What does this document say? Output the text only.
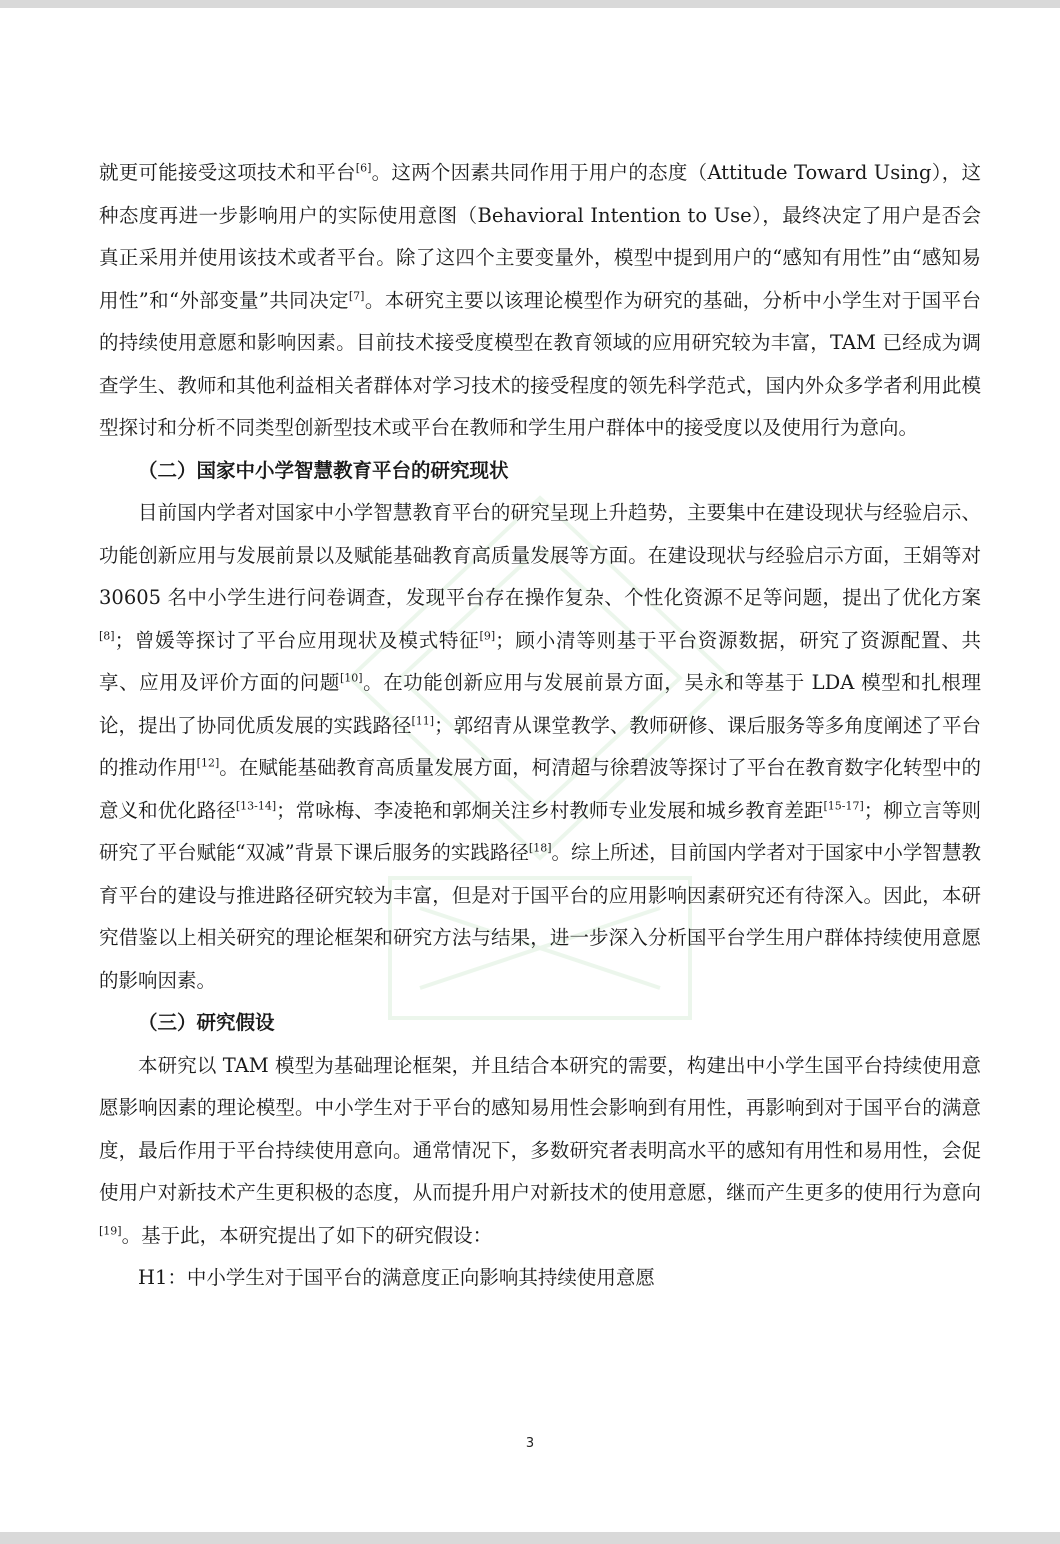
就更可能接受这项技术和平台[6]。这两个因素共同作用于用户的态度（Attitude Toward Using），这种态度再进一步影响用户的实际使用意图（Behavioral Intention to Use），最终决定了用户是否会真正采用并使用该技术或者平台。除了这四个主要变量外，模型中提到用户的“感知有用性”由“感知易用性”和“外部变量”共同决定[7]。本研究主要以该理论模型作为研究的基础，分析中小学生对于国平台的持续使用意愿和影响因素。目前技术接受度模型在教育领域的应用研究较为丰富，TAM 已经成为调查学生、教师和其他利益相关者群体对学习技术的接受程度的领先科学范式，国内外众多学者利用此模型探讨和分析不同类型创新型技术或平台在教师和学生用户群体中的接受度以及使用行为意向。

（二）国家中小学智慧教育平台的研究现状

目前国内学者对国家中小学智慧教育平台的研究呈现上升趋势，主要集中在建设现状与经验启示、功能创新应用与发展前景以及赋能基础教育高质量发展等方面。在建设现状与经验启示方面，王娟等对 30605 名中小学生进行问卷调查，发现平台存在操作复杂、个性化资源不足等问题，提出了优化方案[8]；曾媛等探讨了平台应用现状及模式特征[9]；顾小清等则基于平台资源数据，研究了资源配置、共享、应用及评价方面的问题[10]。在功能创新应用与发展前景方面，吴永和等基于 LDA 模型和扎根理论，提出了协同优质发展的实践路径[11]；郭绍青从课堂教学、教师研修、课后服务等多角度阐述了平台的推动作用[12]。在赋能基础教育高质量发展方面，柯清超与徐碧波等探讨了平台在教育数字化转型中的意义和优化路径[13-14]；常咏梅、李凌艳和郭炯关注乡村教师专业发展和城乡教育差距[15-17]；柳立言等则研究了平台赋能“双减”背景下课后服务的实践路径[18]。综上所述，目前国内学者对于国家中小学智慧教育平台的建设与推进路径研究较为丰富，但是对于国平台的应用影响因素研究还有待深入。因此，本研究借鉴以上相关研究的理论框架和研究方法与结果，进一步深入分析国平台学生用户群体持续使用意愿的影响因素。

（三）研究假设

本研究以 TAM 模型为基础理论框架，并且结合本研究的需要，构建出中小学生国平台持续使用意愿影响因素的理论模型。中小学生对于平台的感知易用性会影响到有用性，再影响到对于国平台的满意度，最后作用于平台持续使用意向。通常情况下，多数研究者表明高水平的感知有用性和易用性，会促使用户对新技术产生更积极的态度，从而提升用户对新技术的使用意愿，继而产生更多的使用行为意向[19]。基于此，本研究提出了如下的研究假设：

H1：中小学生对于国平台的满意度正向影响其持续使用意愿

3
